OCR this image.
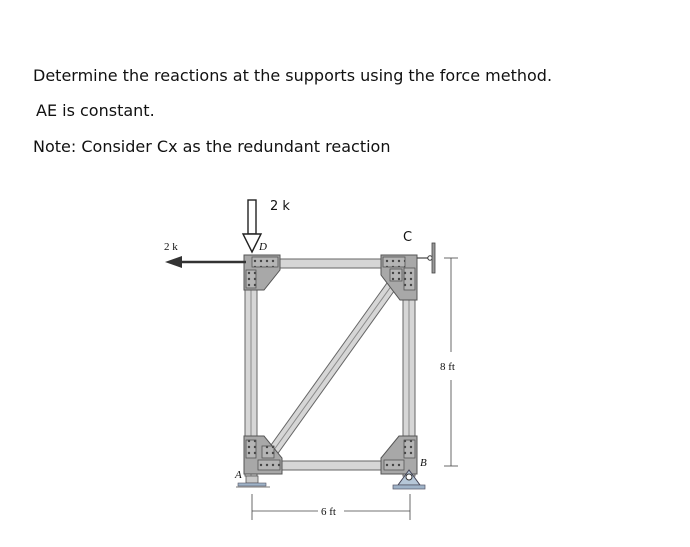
Determine the reactions at the supports using the force method.

AE is constant.

Note: Consider Cx as the redundant reaction

2 k
2 k	D
C
A
B
8 ft
6 ft
